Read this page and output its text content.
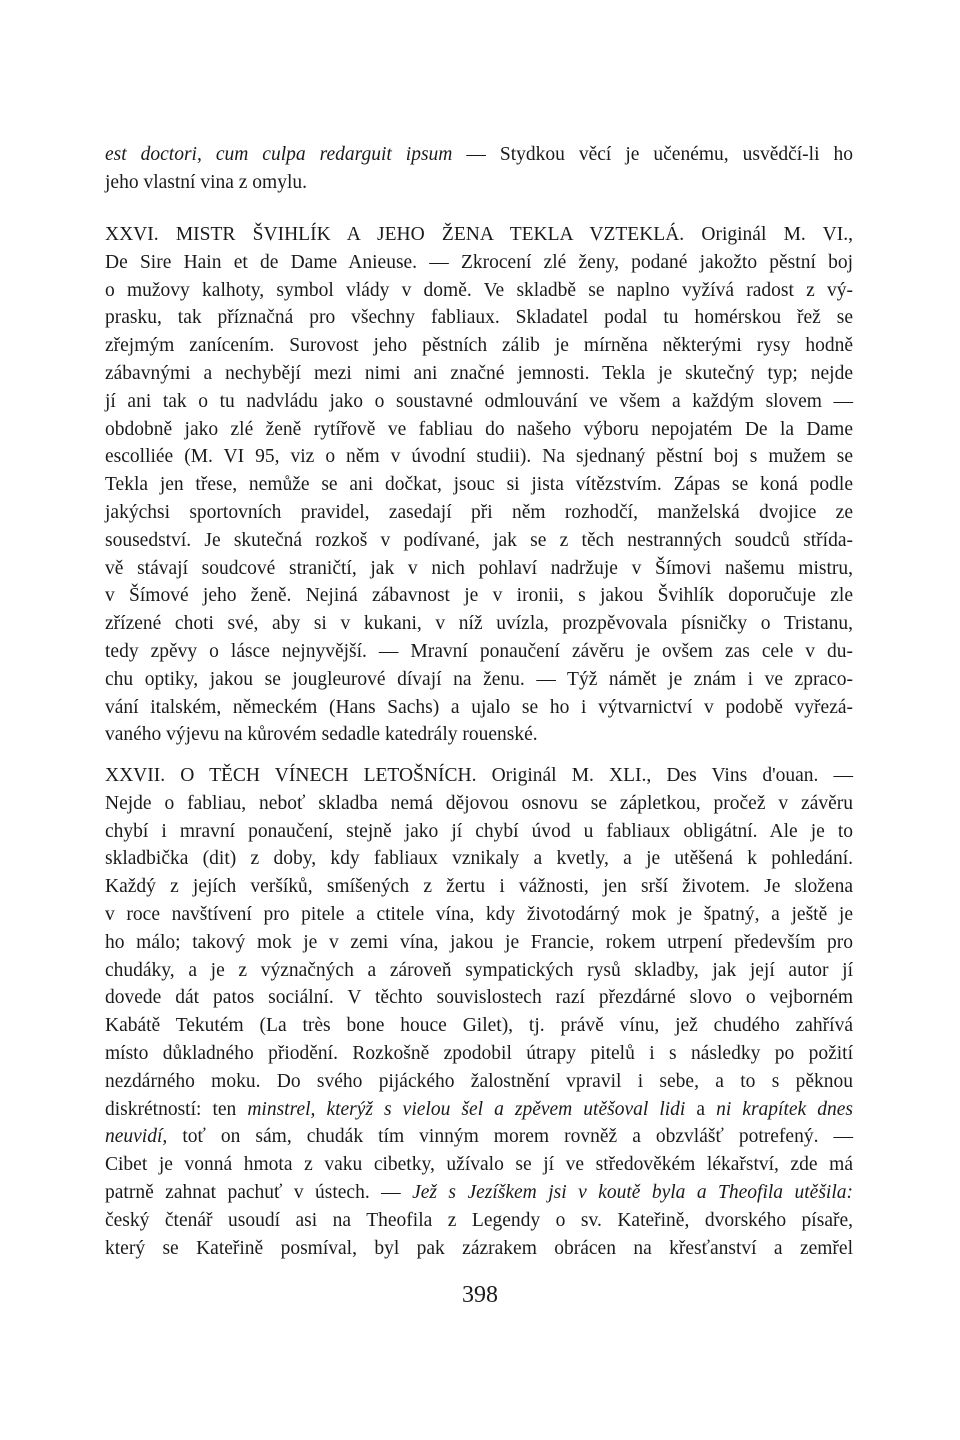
est doctori, cum culpa redarguit ipsum — Stydkou věcí je učenému, usvědčí-li ho
jeho vlastní vina z omylu.
XXVI. MISTR ŠVIHLÍK A JEHO ŽENA TEKLA VZTEKLÁ. Originál M. VI.,
De Sire Hain et de Dame Anieuse. — Zkrocení zlé ženy, podané jakožto pěstní boj
o mužovy kalhoty, symbol vlády v domě. Ve skladbě se naplno vyžívá radost z vý-
prasku, tak příznačná pro všechny fabliaux. Skladatel podal tu homérskou řež se
zřejmým zanícením. Surovost jeho pěstních zálib je mírněna některými rysy hodně
zábavnými a nechybějí mezi nimi ani značné jemnosti. Tekla je skutečný typ; nejde
jí ani tak o tu nadvládu jako o soustavné odmlouvání ve všem a každým slovem —
obdobně jako zlé ženě rytířově ve fabliau do našeho výboru nepojatém De la Dame
escolliée (M. VI 95, viz o něm v úvodní studii). Na sjednaný pěstní boj s mužem se
Tekla jen třese, nemůže se ani dočkat, jsouc si jista vítězstvím. Zápas se koná podle
jakýchsi sportovních pravidel, zasedají při něm rozhodčí, manželská dvojice ze
sousedství. Je skutečná rozkoš v podívané, jak se z těch nestranných soudců střída-
vě stávají soudcové straničtí, jak v nich pohlaví nadržuje v Šímovi našemu mistru,
v Šímové jeho ženě. Nejiná zábavnost je v ironii, s jakou Švihlík doporučuje zle
zřízené choti své, aby si v kukani, v níž uvízla, prozpěvovala písničky o Tristanu,
tedy zpěvy o lásce nejnyvější. — Mravní ponaučení závěru je ovšem zas cele v du-
chu optiky, jakou se jougleurové dívají na ženu. — Týž námět je znám i ve zpraco-
vání italském, německém (Hans Sachs) a ujalo se ho i výtvarnictví v podobě vyřezá-
vaného výjevu na kůrovém sedadle katedrály rouenské.
XXVII. O TĚCH VÍNECH LETOŠNÍCH. Originál M. XLI., Des Vins d'ouan. —
Nejde o fabliau, neboť skladba nemá dějovou osnovu se zápletkou, pročež v závěru
chybí i mravní ponaučení, stejně jako jí chybí úvod u fabliaux obligátní. Ale je to
skladbička (dit) z doby, kdy fabliaux vznikaly a kvetly, a je utěšená k pohledání.
Každý z jejích veršíků, smíšených z žertu i vážnosti, jen srší životem. Je složena
v roce navštívení pro pitele a ctitele vína, kdy životodárný mok je špatný, a ještě je
ho málo; takový mok je v zemi vína, jakou je Francie, rokem utrpení především pro
chudáky, a je z význačných a zároveň sympatických rysů skladby, jak její autor jí
dovede dát patos sociální. V těchto souvislostech razí přezdárné slovo o vejborném
Kabátě Tekutém (La très bone houce Gilet), tj. právě vínu, jež chudého zahřívá
místo důkladného přiodění. Rozkošně zpodobil útrapy pitelů i s následky po požití
nezdárného moku. Do svého pijáckého žalostnění vpravil i sebe, a to s pěknou
diskrétností: ten minstrel, kterýž s vielou šel a zpěvem utěšoval lidi a ni krapítek dnes
neuvidí, toť on sám, chudák tím vinným morem rovněž a obzvlášť potrefený. —
Cibet je vonná hmota z vaku cibetky, užívalo se jí ve středověkém lékařství, zde má
patrně zahnat pachuť v ústech. — Jež s Jezíškem jsi v koutě byla a Theofila utěšila:
český čtenář usoudí asi na Theofila z Legendy o sv. Kateřině, dvorského písaře,
který se Kateřině posmíval, byl pak zázrakem obrácen na křesťanství a zemřel
398
